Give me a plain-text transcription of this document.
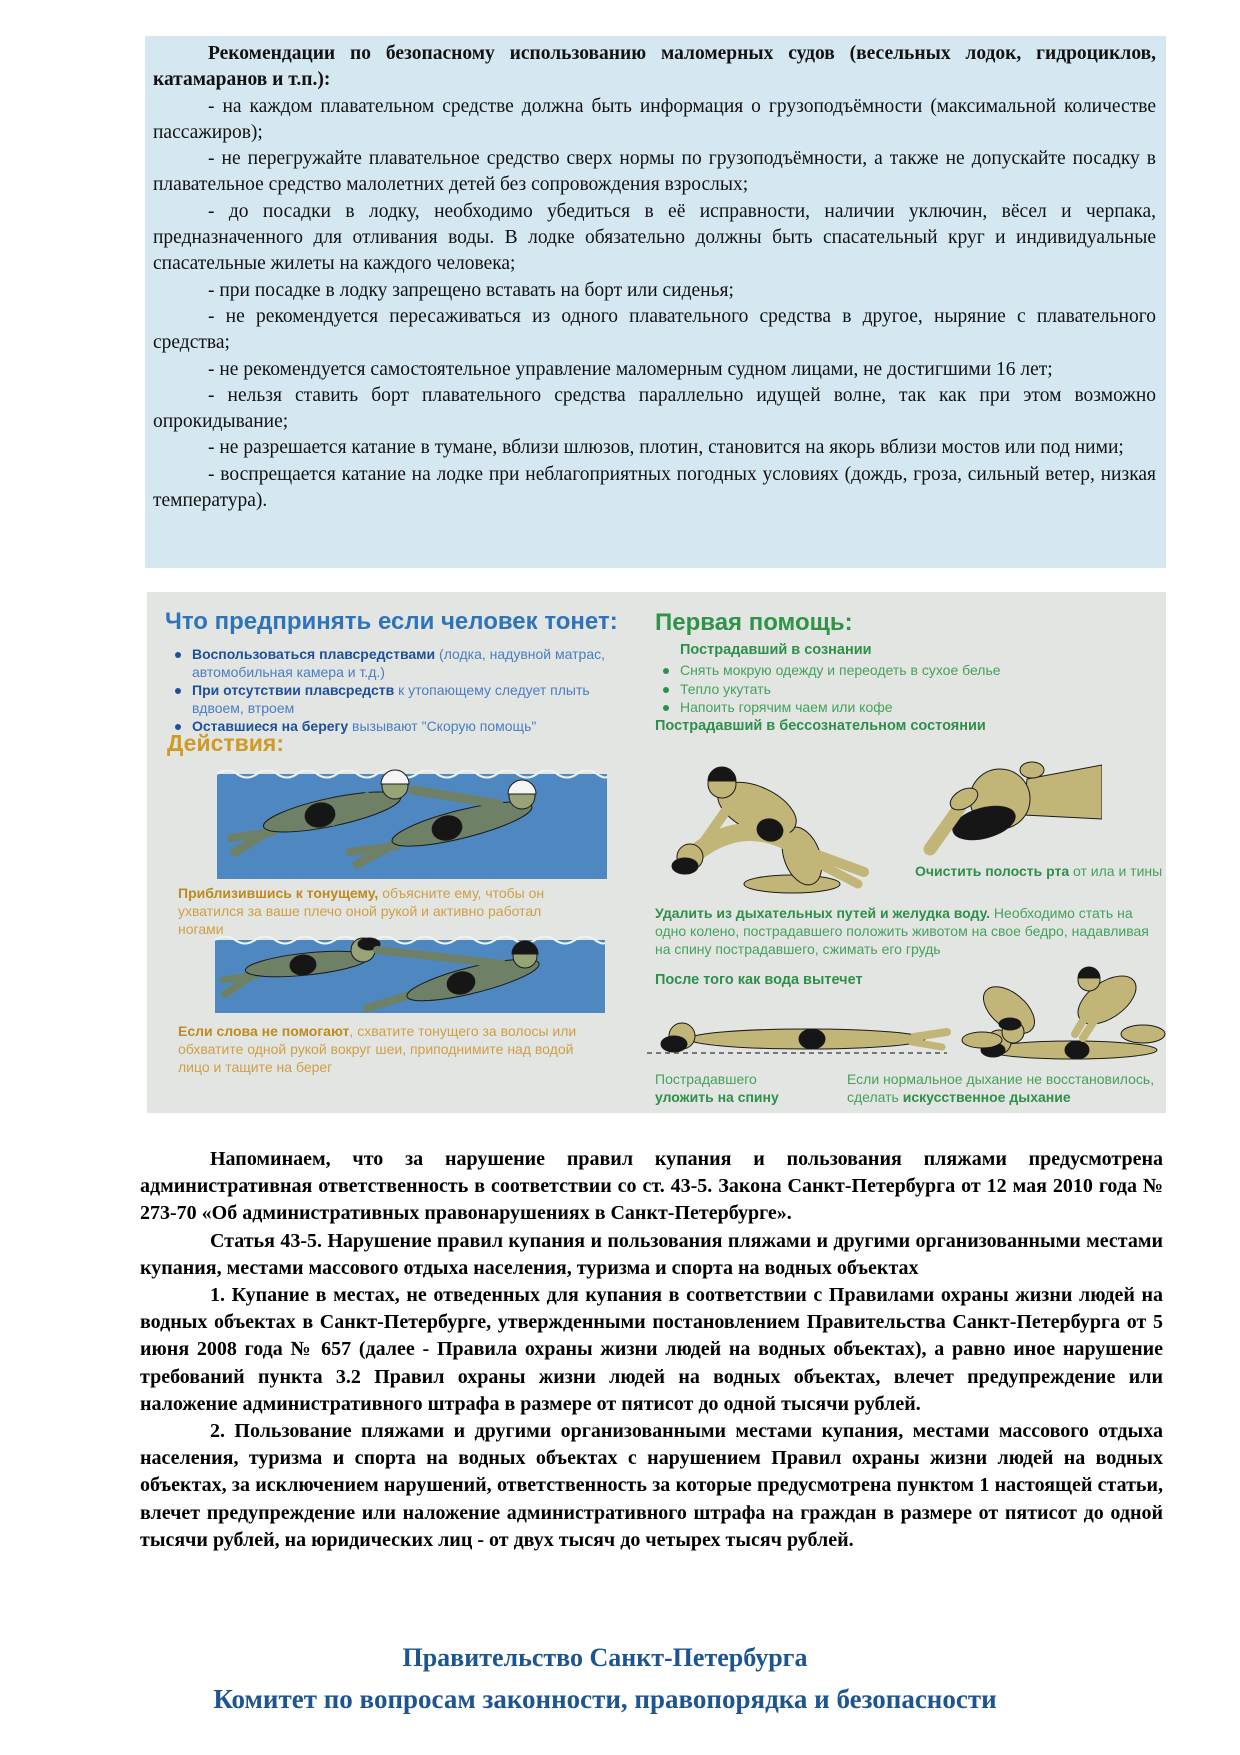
Рекомендации по безопасному использованию маломерных судов (весельных лодок, гидроциклов, катамаранов и т.п.):

- на каждом плавательном средстве должна быть информация о грузоподъёмности (максимальной количестве пассажиров);

- не перегружайте плавательное средство сверх нормы по грузоподъёмности, а также не допускайте посадку в плавательное средство малолетних детей без сопровождения взрослых;

- до посадки в лодку, необходимо убедиться в её исправности, наличии уключин, вёсел и черпака, предназначенного для отливания воды. В лодке обязательно должны быть спасательный круг и индивидуальные спасательные жилеты на каждого человека;

- при посадке в лодку запрещено вставать на борт или сиденья;

- не рекомендуется пересаживаться из одного плавательного средства в другое, ныряние с плавательного средства;

- не рекомендуется самостоятельное управление маломерным судном лицами, не достигшими 16 лет;

- нельзя ставить борт плавательного средства параллельно идущей волне, так как при этом возможно опрокидывание;

- не разрешается катание в тумане, вблизи шлюзов, плотин, становится на якорь вблизи мостов или под ними;

- воспрещается катание на лодке при неблагоприятных погодных условиях (дождь, гроза, сильный ветер, низкая температура).

Что предпринять если человек тонет:
Воспользоваться плавсредствами (лодка, надувной матрас, автомобильная камера и т.д.)
При отсутствии плавсредств к утопающему следует плыть вдвоем, втроем
Оставшиеся на берегу вызывают "Скорую помощь"
Действия:
Приблизившись к тонущему, объясните ему, чтобы он ухватился за ваше плечо оной рукой и активно работал ногами
Если слова не помогают, схватите тонущего за волосы или обхватите одной рукой вокруг шеи, приподнимите над водой лицо и тащите на берег
Первая помощь:
Пострадавший в сознании
Снять мокрую одежду и переодеть в сухое белье
Тепло укутать
Напоить горячим чаем или кофе
Пострадавший в бессознательном состоянии
Очистить полость рта от ила и тины
Удалить из дыхательных путей и желудка воду. Необходимо стать на одно колено, пострадавшего положить животом на свое бедро, надавливая на спину пострадавшего, сжимать его грудь
После того как вода вытечет
Пострадавшего
уложить на спину
Если нормальное дыхание не восстановилось,
сделать искусственное дыхание

Напоминаем, что за нарушение правил купания и пользования пляжами предусмотрена административная ответственность в соответствии со ст. 43-5. Закона Санкт-Петербурга от 12 мая 2010 года № 273-70 «Об административных правонарушениях в Санкт-Петербурге».

Статья 43-5. Нарушение правил купания и пользования пляжами и другими организованными местами купания, местами массового отдыха населения, туризма и спорта на водных объектах

1. Купание в местах, не отведенных для купания в соответствии с Правилами охраны жизни людей на водных объектах в Санкт-Петербурге, утвержденными постановлением Правительства Санкт-Петербурга от 5 июня 2008 года № 657 (далее - Правила охраны жизни людей на водных объектах), а равно иное нарушение требований пункта 3.2 Правил охраны жизни людей на водных объектах, влечет предупреждение или наложение административного штрафа в размере от пятисот до одной тысячи рублей.

2. Пользование пляжами и другими организованными местами купания, местами массового отдыха населения, туризма и спорта на водных объектах с нарушением Правил охраны жизни людей на водных объектах, за исключением нарушений, ответственность за которые предусмотрена пунктом 1 настоящей статьи, влечет предупреждение или наложение административного штрафа на граждан в размере от пятисот до одной тысячи рублей, на юридических лиц - от двух тысяч до четырех тысяч рублей.

Правительство Санкт-Петербурга
Комитет по вопросам законности, правопорядка и безопасности
